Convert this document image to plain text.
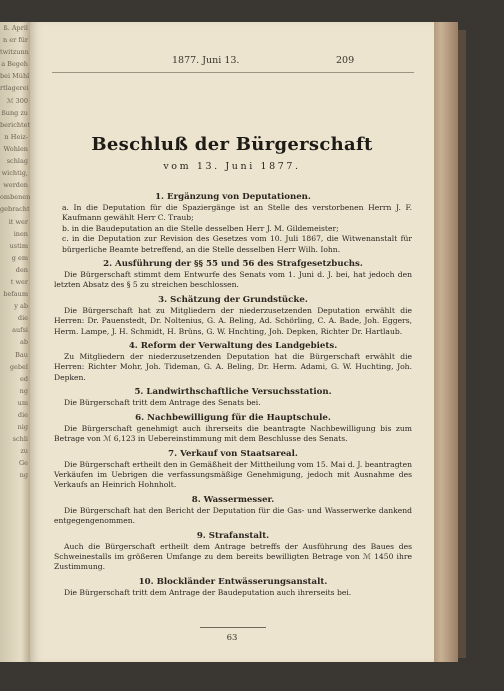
ß. April
n er für
twitzunn
a Begeh
bei Mühl
rtlagerei
ℳ 300
ßung zu
berichtet
n Heiz-
Wohlen
schlag
wichtig,
werden
ombenen
gebracht
it wer
inen
ustim
g em
den
t wer
befaum
y ab
die
aufsi
ab
Bau
gebel
ed
ng
um
die
nig
schli
zu
Ge
ng
1877. Juni 13.	209
Beschluß der Bürgerschaft
vom 13. Juni 1877.
1. Ergänzung von Deputationen.

a. In die Deputation für die Spaziergänge ist an Stelle des verstorbenen Herrn J. F. Kaufmann gewählt Herr C. Traub;

b. in die Baudeputation an die Stelle desselben Herr J. M. Gildemeister;

c. in die Deputation zur Revision des Gesetzes vom 10. Juli 1867, die Witwenanstalt für bürgerliche Beamte betreffend, an die Stelle desselben Herr Wilh. Iohn.

2. Ausführung der §§ 55 und 56 des Strafgesetzbuchs.

Die Bürgerschaft stimmt dem Entwurfe des Senats vom 1. Juni d. J. bei, hat jedoch den letzten Absatz des § 5 zu streichen beschlossen.

3. Schätzung der Grundstücke.

Die Bürgerschaft hat zu Mitgliedern der niederzusetzenden Deputation erwählt die Herren: Dr. Pauenstedt, Dr. Noltenius, G. A. Beling, Ad. Schörling, C. A. Bade, Joh. Eggers, Herm. Lampe, J. H. Schmidt, H. Brüns, G. W. Hnchting, Joh. Depken, Richter Dr. Hartlaub.

4. Reform der Verwaltung des Landgebiets.

Zu Mitgliedern der niederzusetzenden Deputation hat die Bürgerschaft erwählt die Herren: Richter Mohr, Joh. Tideman, G. A. Beling, Dr. Herm. Adami, G. W. Huchting, Joh. Depken.

5. Landwirthschaftliche Versuchsstation.

Die Bürgerschaft tritt dem Antrage des Senats bei.

6. Nachbewilligung für die Hauptschule.

Die Bürgerschaft genehmigt auch ihrerseits die beantragte Nachbewilligung bis zum Betrage von ℳ 6,123 in Uebereinstimmung mit dem Beschlusse des Senats.

7. Verkauf von Staatsareal.

Die Bürgerschaft ertheilt den in Gemäßheit der Mittheilung vom 15. Mai d. J. beantragten Verkäufen im Uebrigen die verfassungsmäßige Genehmigung, jedoch mit Ausnahme des Verkaufs an Heinrich Hohnholt.

8. Wassermesser.

Die Bürgerschaft hat den Bericht der Deputation für die Gas- und Wasserwerke dankend entgegengenommen.

9. Strafanstalt.

Auch die Bürgerschaft ertheilt dem Antrage betreffs der Ausführung des Baues des Schweinestalls im größeren Umfange zu dem bereits bewilligten Betrage von ℳ 1450 ihre Zustimmung.

10. Blockländer Entwässerungsanstalt.

Die Bürgerschaft tritt dem Antrage der Baudeputation auch ihrerseits bei.

63
